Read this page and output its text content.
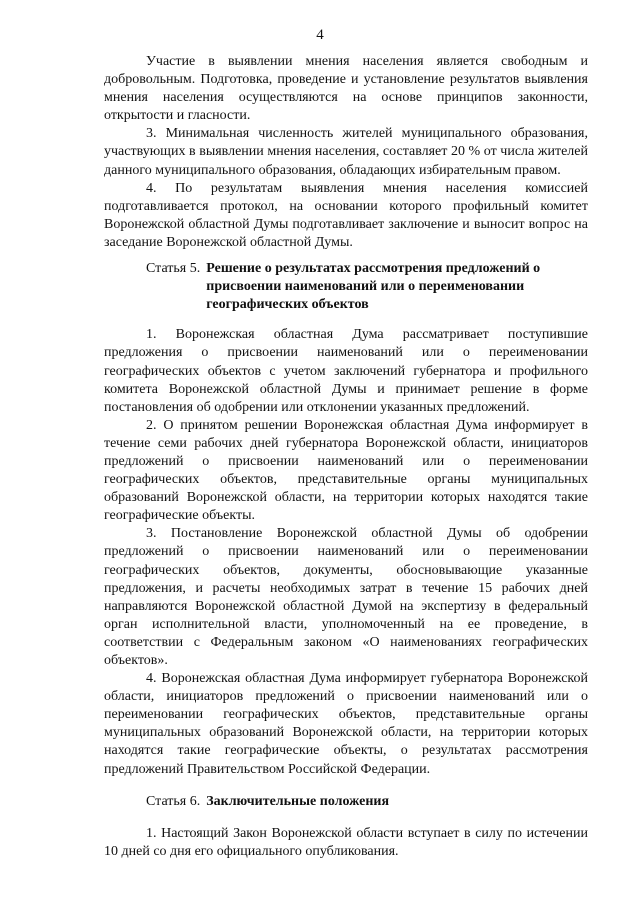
4

Участие в выявлении мнения населения является свободным и добровольным. Подготовка, проведение и установление результатов выявления мнения населения осуществляются на основе принципов законности, открытости и гласности.

3. Минимальная численность жителей муниципального образования, участвующих в выявлении мнения населения, составляет 20 % от числа жителей данного муниципального образования, обладающих избирательным правом.

4. По результатам выявления мнения населения комиссией подготавливается протокол, на основании которого профильный комитет Воронежской областной Думы подготавливает заключение и выносит вопрос на заседание Воронежской областной Думы.

Статья 5. Решение о результатах рассмотрения предложений о присвоении наименований или о переименовании географических объектов

1. Воронежская областная Дума рассматривает поступившие предложения о присвоении наименований или о переименовании географических объектов с учетом заключений губернатора и профильного комитета Воронежской областной Думы и принимает решение в форме постановления об одобрении или отклонении указанных предложений.

2. О принятом решении Воронежская областная Дума информирует в течение семи рабочих дней губернатора Воронежской области, инициаторов предложений о присвоении наименований или о переименовании географических объектов, представительные органы муниципальных образований Воронежской области, на территории которых находятся такие географические объекты.

3. Постановление Воронежской областной Думы об одобрении предложений о присвоении наименований или о переименовании географических объектов, документы, обосновывающие указанные предложения, и расчеты необходимых затрат в течение 15 рабочих дней направляются Воронежской областной Думой на экспертизу в федеральный орган исполнительной власти, уполномоченный на ее проведение, в соответствии с Федеральным законом «О наименованиях географических объектов».

4. Воронежская областная Дума информирует губернатора Воронежской области, инициаторов предложений о присвоении наименований или о переименовании географических объектов, представительные органы муниципальных образований Воронежской области, на территории которых находятся такие географические объекты, о результатах рассмотрения предложений Правительством Российской Федерации.

Статья 6. Заключительные положения

1. Настоящий Закон Воронежской области вступает в силу по истечении 10 дней со дня его официального опубликования.
